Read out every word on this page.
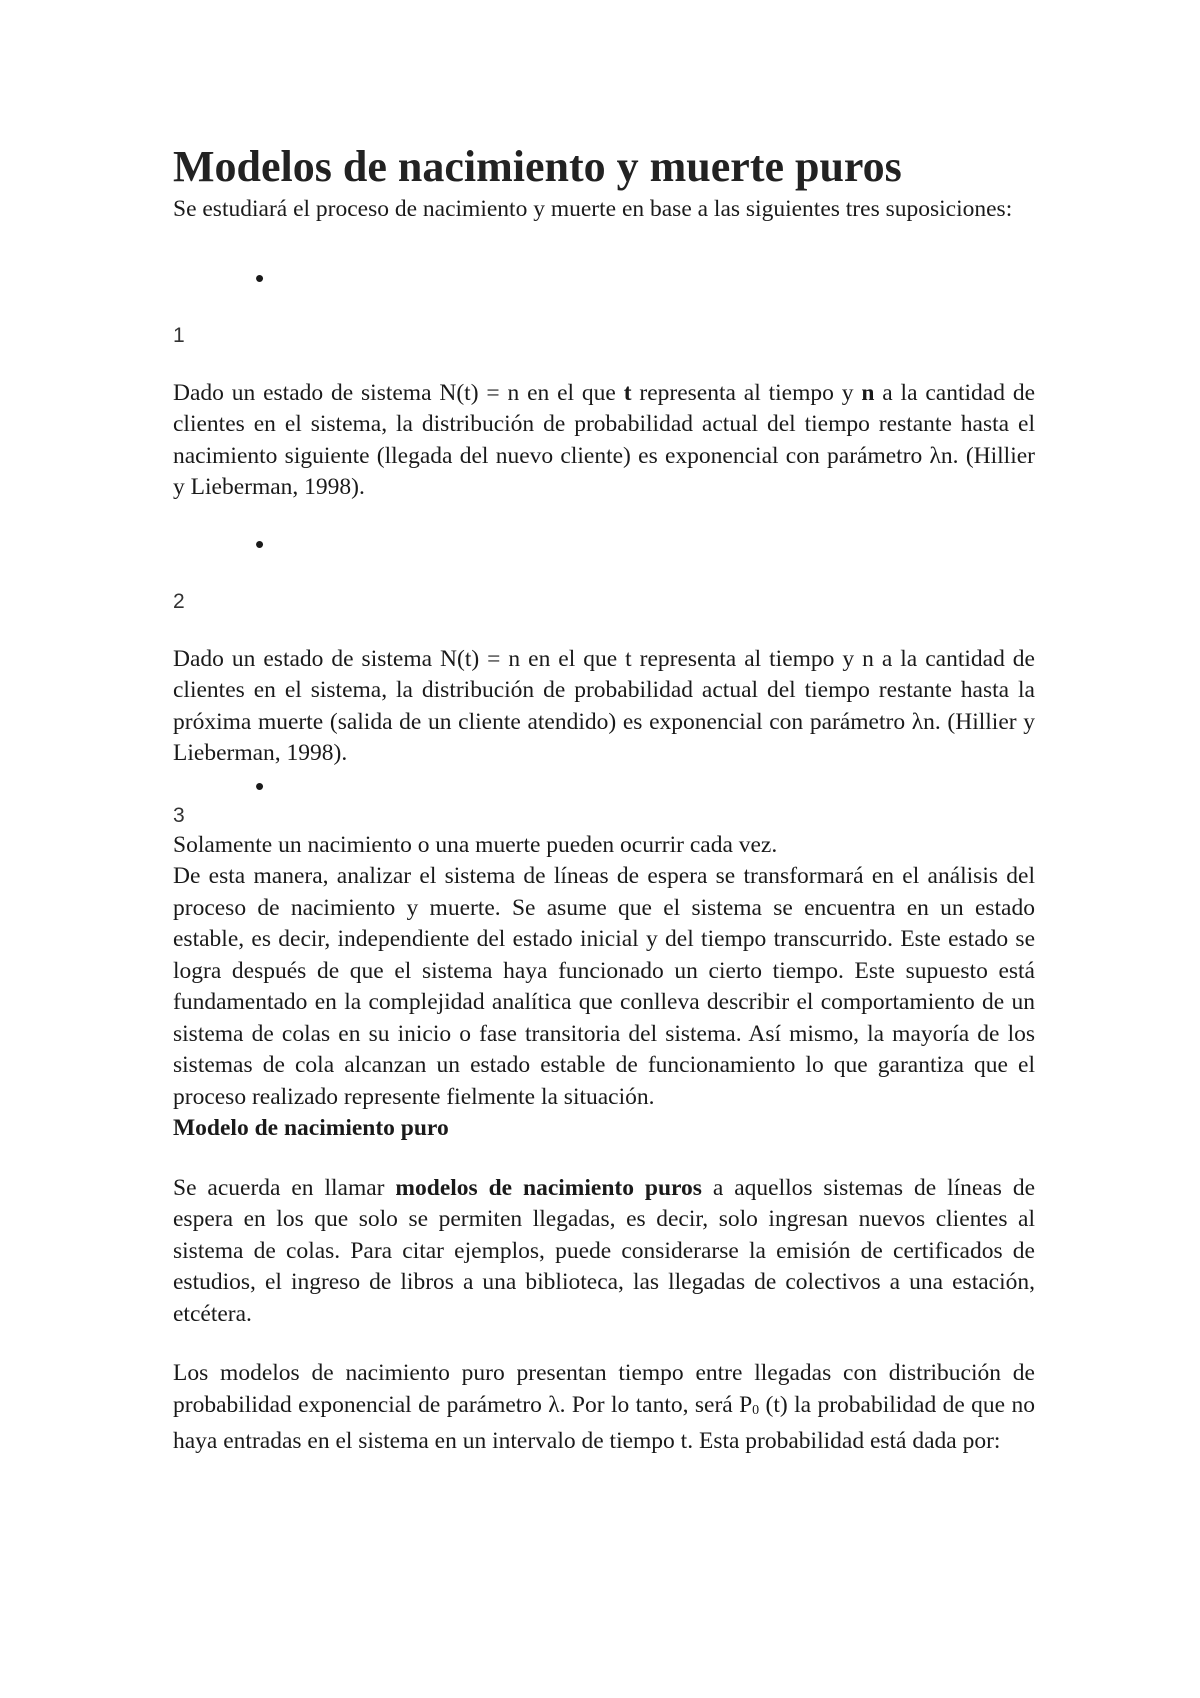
Modelos de nacimiento y muerte puros

Se estudiará el proceso de nacimiento y muerte en base a las siguientes tres suposiciones:

•

1

Dado un estado de sistema N(t) = n en el que t representa al tiempo y n a la cantidad de clientes en el sistema, la distribución de probabilidad actual del tiempo restante hasta el nacimiento siguiente (llegada del nuevo cliente) es exponencial con parámetro λn. (Hillier y Lieberman, 1998).

•

2

Dado un estado de sistema N(t) = n en el que t representa al tiempo y n a la cantidad de clientes en el sistema, la distribución de probabilidad actual del tiempo restante hasta la próxima muerte (salida de un cliente atendido) es exponencial con parámetro λn. (Hillier y Lieberman, 1998).

•

3

Solamente un nacimiento o una muerte pueden ocurrir cada vez.

De esta manera, analizar el sistema de líneas de espera se transformará en el análisis del proceso de nacimiento y muerte. Se asume que el sistema se encuentra en un estado estable, es decir, independiente del estado inicial y del tiempo transcurrido. Este estado se logra después de que el sistema haya funcionado un cierto tiempo. Este supuesto está fundamentado en la complejidad analítica que conlleva describir el comportamiento de un sistema de colas en su inicio o fase transitoria del sistema. Así mismo, la mayoría de los sistemas de cola alcanzan un estado estable de funcionamiento lo que garantiza que el proceso realizado represente fielmente la situación.

Modelo de nacimiento puro

Se acuerda en llamar modelos de nacimiento puros a aquellos sistemas de líneas de espera en los que solo se permiten llegadas, es decir, solo ingresan nuevos clientes al sistema de colas. Para citar ejemplos, puede considerarse la emisión de certificados de estudios, el ingreso de libros a una biblioteca, las llegadas de colectivos a una estación, etcétera.

Los modelos de nacimiento puro presentan tiempo entre llegadas con distribución de probabilidad exponencial de parámetro λ. Por lo tanto, será $P_0$ (t) la probabilidad de que no haya entradas en el sistema en un intervalo de tiempo t. Esta probabilidad está dada por:
